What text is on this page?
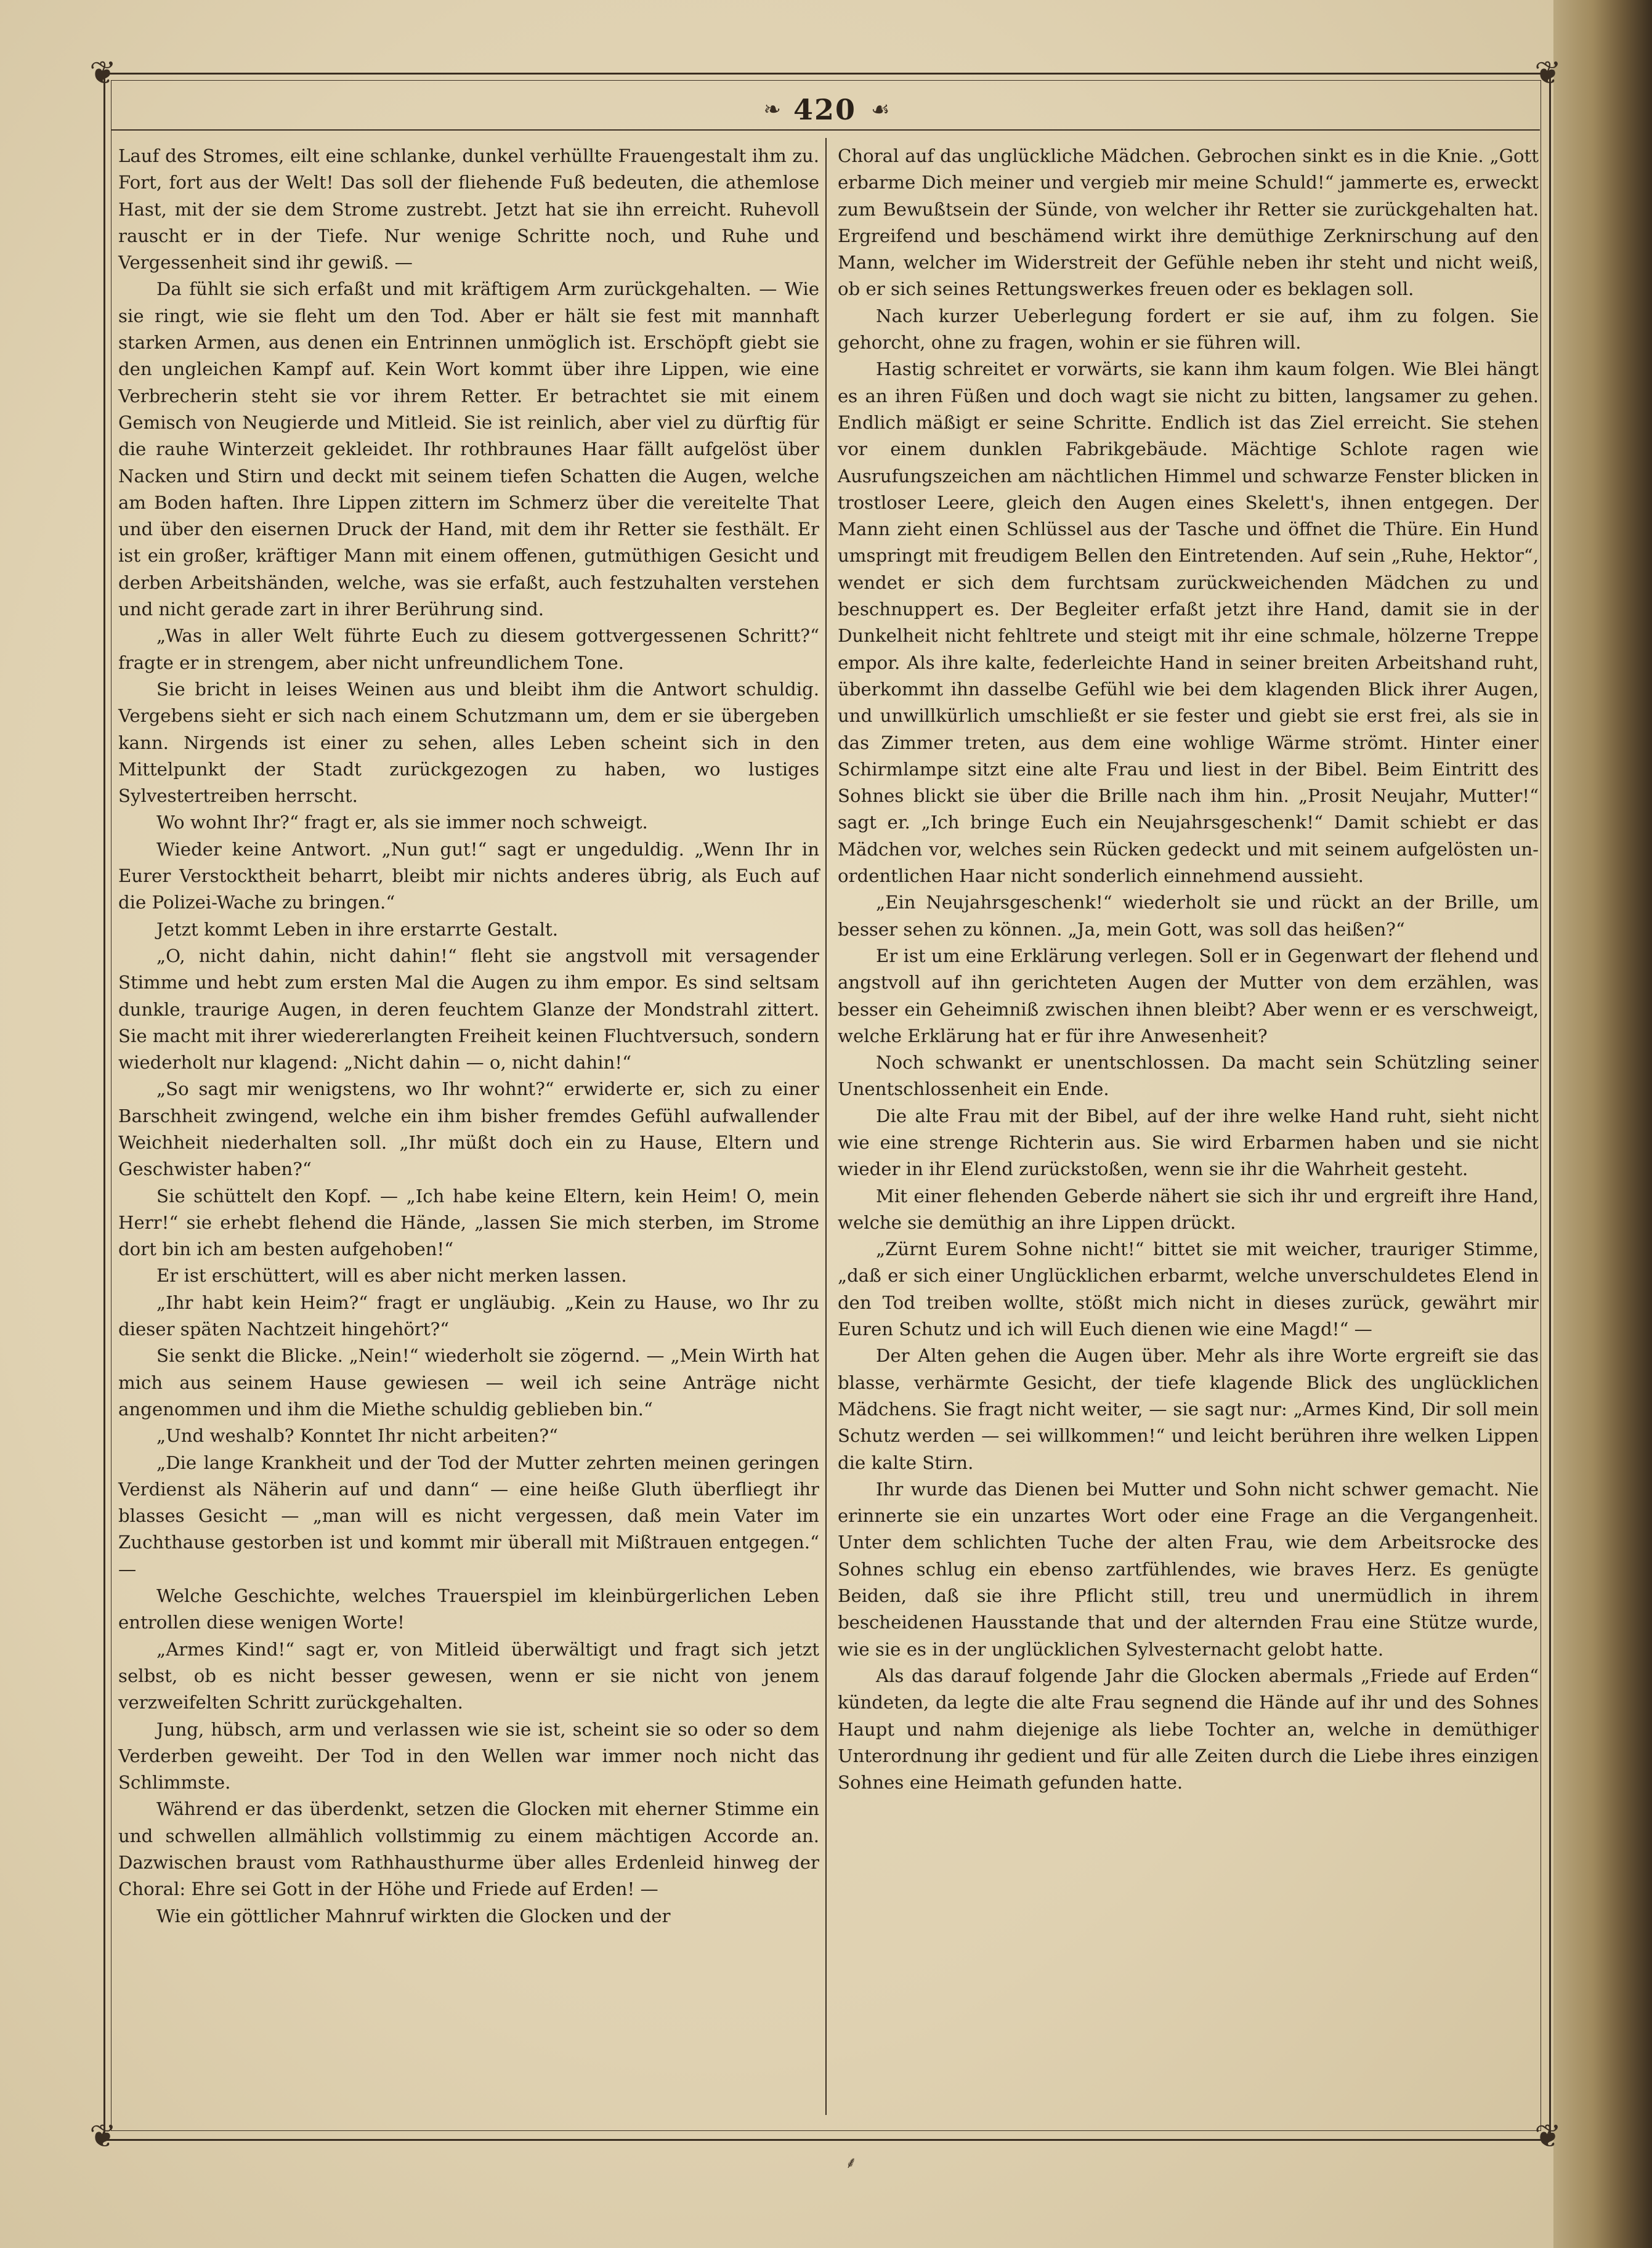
❦	❦
❦	❦
❧ 420 ☙

Lauf des Stromes, eilt eine schlanke, dunkel verhüllte Frauengestalt ihm zu. Fort, fort aus der Welt! Das soll der fliehende Fuß bedeuten, die athemlose Hast, mit der sie dem Strome zustrebt. Jetzt hat sie ihn erreicht. Ruhevoll rauscht er in der Tiefe. Nur wenige Schritte noch, und Ruhe und Vergessenheit sind ihr gewiß. —

Da fühlt sie sich erfaßt und mit kräftigem Arm zurückgehalten. — Wie sie ringt, wie sie fleht um den Tod. Aber er hält sie fest mit mannhaft starken Armen, aus denen ein Entrinnen unmöglich ist. Erschöpft giebt sie den ungleichen Kampf auf. Kein Wort kommt über ihre Lippen, wie eine Verbrecherin steht sie vor ihrem Retter. Er betrachtet sie mit einem Gemisch von Neugierde und Mitleid. Sie ist reinlich, aber viel zu dürftig für die rauhe Winterzeit gekleidet. Ihr rothbraunes Haar fällt aufgelöst über Nacken und Stirn und deckt mit seinem tiefen Schatten die Augen, welche am Boden haften. Ihre Lippen zittern im Schmerz über die vereitelte That und über den eisernen Druck der Hand, mit dem ihr Retter sie festhält. Er ist ein großer, kräftiger Mann mit einem offenen, gutmüthigen Gesicht und derben Arbeitshänden, welche, was sie erfaßt, auch festzuhalten verstehen und nicht gerade zart in ihrer Berührung sind.

„Was in aller Welt führte Euch zu diesem gottvergessenen Schritt?“ fragte er in strengem, aber nicht unfreundlichem Tone.

Sie bricht in leises Weinen aus und bleibt ihm die Antwort schuldig. Vergebens sieht er sich nach einem Schutzmann um, dem er sie übergeben kann. Nirgends ist einer zu sehen, alles Leben scheint sich in den Mittelpunkt der Stadt zurückgezogen zu haben, wo lustiges Sylvestertreiben herrscht.

Wo wohnt Ihr?“ fragt er, als sie immer noch schweigt.

Wieder keine Antwort. „Nun gut!“ sagt er ungeduldig. „Wenn Ihr in Eurer Verstocktheit beharrt, bleibt mir nichts anderes übrig, als Euch auf die Polizei-Wache zu bringen.“

Jetzt kommt Leben in ihre erstarrte Gestalt.

„O, nicht dahin, nicht dahin!“ fleht sie angstvoll mit versagender Stimme und hebt zum ersten Mal die Augen zu ihm empor. Es sind seltsam dunkle, traurige Augen, in deren feuchtem Glanze der Mondstrahl zittert. Sie macht mit ihrer wiedererlangten Freiheit keinen Fluchtversuch, sondern wiederholt nur klagend: „Nicht dahin — o, nicht dahin!“

„So sagt mir wenigstens, wo Ihr wohnt?“ erwiderte er, sich zu einer Barschheit zwingend, welche ein ihm bisher fremdes Gefühl aufwallender Weichheit niederhalten soll. „Ihr müßt doch ein zu Hause, Eltern und Geschwister haben?“

Sie schüttelt den Kopf. — „Ich habe keine Eltern, kein Heim! O, mein Herr!“ sie erhebt flehend die Hände, „lassen Sie mich sterben, im Strome dort bin ich am besten aufgehoben!“

Er ist erschüttert, will es aber nicht merken lassen.

„Ihr habt kein Heim?“ fragt er ungläubig. „Kein zu Hause, wo Ihr zu dieser späten Nachtzeit hingehört?“

Sie senkt die Blicke. „Nein!“ wiederholt sie zögernd. — „Mein Wirth hat mich aus seinem Hause gewiesen — weil ich seine Anträge nicht angenommen und ihm die Miethe schuldig geblieben bin.“

„Und weshalb? Konntet Ihr nicht arbeiten?“

„Die lange Krankheit und der Tod der Mutter zehrten meinen geringen Verdienst als Näherin auf und dann“ — eine heiße Gluth überfliegt ihr blasses Gesicht — „man will es nicht vergessen, daß mein Vater im Zuchthause gestorben ist und kommt mir überall mit Mißtrauen entgegen.“ —

Welche Geschichte, welches Trauerspiel im kleinbürgerlichen Leben entrollen diese wenigen Worte!

„Armes Kind!“ sagt er, von Mitleid überwältigt und fragt sich jetzt selbst, ob es nicht besser gewesen, wenn er sie nicht von jenem verzweifelten Schritt zurückgehalten.

Jung, hübsch, arm und verlassen wie sie ist, scheint sie so oder so dem Verderben geweiht. Der Tod in den Wellen war immer noch nicht das Schlimmste.

Während er das überdenkt, setzen die Glocken mit eherner Stimme ein und schwellen allmählich vollstimmig zu einem mächtigen Accorde an. Dazwischen braust vom Rathhausthurme über alles Erdenleid hinweg der Choral: Ehre sei Gott in der Höhe und Friede auf Erden! —

Wie ein göttlicher Mahnruf wirkten die Glocken und der

Choral auf das unglückliche Mädchen. Gebrochen sinkt es in die Knie. „Gott erbarme Dich meiner und vergieb mir meine Schuld!“ jammerte es, erweckt zum Bewußtsein der Sünde, von welcher ihr Retter sie zurückgehalten hat. Ergreifend und beschämend wirkt ihre demüthige Zerknirschung auf den Mann, welcher im Widerstreit der Gefühle neben ihr steht und nicht weiß, ob er sich seines Rettungswerkes freuen oder es beklagen soll.

Nach kurzer Ueberlegung fordert er sie auf, ihm zu folgen. Sie gehorcht, ohne zu fragen, wohin er sie führen will.

Hastig schreitet er vorwärts, sie kann ihm kaum folgen. Wie Blei hängt es an ihren Füßen und doch wagt sie nicht zu bitten, langsamer zu gehen. Endlich mäßigt er seine Schritte. Endlich ist das Ziel erreicht. Sie stehen vor einem dunklen Fabrikgebäude. Mächtige Schlote ragen wie Ausrufungszeichen am nächtlichen Himmel und schwarze Fenster blicken in trostloser Leere, gleich den Augen eines Skelett's, ihnen entgegen. Der Mann zieht einen Schlüssel aus der Tasche und öffnet die Thüre. Ein Hund umspringt mit freudigem Bellen den Eintretenden. Auf sein „Ruhe, Hektor“, wendet er sich dem furchtsam zurückweichenden Mädchen zu und beschnuppert es. Der Begleiter erfaßt jetzt ihre Hand, damit sie in der Dunkelheit nicht fehltrete und steigt mit ihr eine schmale, hölzerne Treppe empor. Als ihre kalte, federleichte Hand in seiner breiten Arbeitshand ruht, überkommt ihn dasselbe Gefühl wie bei dem klagenden Blick ihrer Augen, und unwillkürlich umschließt er sie fester und giebt sie erst frei, als sie in das Zimmer treten, aus dem eine wohlige Wärme strömt. Hinter einer Schirmlampe sitzt eine alte Frau und liest in der Bibel. Beim Eintritt des Sohnes blickt sie über die Brille nach ihm hin. „Prosit Neujahr, Mutter!“ sagt er. „Ich bringe Euch ein Neujahrsgeschenk!“ Damit schiebt er das Mädchen vor, welches sein Rücken gedeckt und mit seinem aufgelösten unordentlichen Haar nicht sonderlich einnehmend aussieht.

„Ein Neujahrsgeschenk!“ wiederholt sie und rückt an der Brille, um besser sehen zu können. „Ja, mein Gott, was soll das heißen?“

Er ist um eine Erklärung verlegen. Soll er in Gegenwart der flehend und angstvoll auf ihn gerichteten Augen der Mutter von dem erzählen, was besser ein Geheimniß zwischen ihnen bleibt? Aber wenn er es verschweigt, welche Erklärung hat er für ihre Anwesenheit?

Noch schwankt er unentschlossen. Da macht sein Schützling seiner Unentschlossenheit ein Ende.

Die alte Frau mit der Bibel, auf der ihre welke Hand ruht, sieht nicht wie eine strenge Richterin aus. Sie wird Erbarmen haben und sie nicht wieder in ihr Elend zurückstoßen, wenn sie ihr die Wahrheit gesteht.

Mit einer flehenden Geberde nähert sie sich ihr und ergreift ihre Hand, welche sie demüthig an ihre Lippen drückt.

„Zürnt Eurem Sohne nicht!“ bittet sie mit weicher, trauriger Stimme, „daß er sich einer Unglücklichen erbarmt, welche unverschuldetes Elend in den Tod treiben wollte, stößt mich nicht in dieses zurück, gewährt mir Euren Schutz und ich will Euch dienen wie eine Magd!“ —

Der Alten gehen die Augen über. Mehr als ihre Worte ergreift sie das blasse, verhärmte Gesicht, der tiefe klagende Blick des unglücklichen Mädchens. Sie fragt nicht weiter, — sie sagt nur: „Armes Kind, Dir soll mein Schutz werden — sei willkommen!“ und leicht berühren ihre welken Lippen die kalte Stirn.

Ihr wurde das Dienen bei Mutter und Sohn nicht schwer gemacht. Nie erinnerte sie ein unzartes Wort oder eine Frage an die Vergangenheit. Unter dem schlichten Tuche der alten Frau, wie dem Arbeitsrocke des Sohnes schlug ein ebenso zartfühlendes, wie braves Herz. Es genügte Beiden, daß sie ihre Pflicht still, treu und unermüdlich in ihrem bescheidenen Hausstande that und der alternden Frau eine Stütze wurde, wie sie es in der unglücklichen Sylvesternacht gelobt hatte.

Als das darauf folgende Jahr die Glocken abermals „Friede auf Erden“ kündeten, da legte die alte Frau segnend die Hände auf ihr und des Sohnes Haupt und nahm diejenige als liebe Tochter an, welche in demüthiger Unterordnung ihr gedient und für alle Zeiten durch die Liebe ihres einzigen Sohnes eine Heimath gefunden hatte.
